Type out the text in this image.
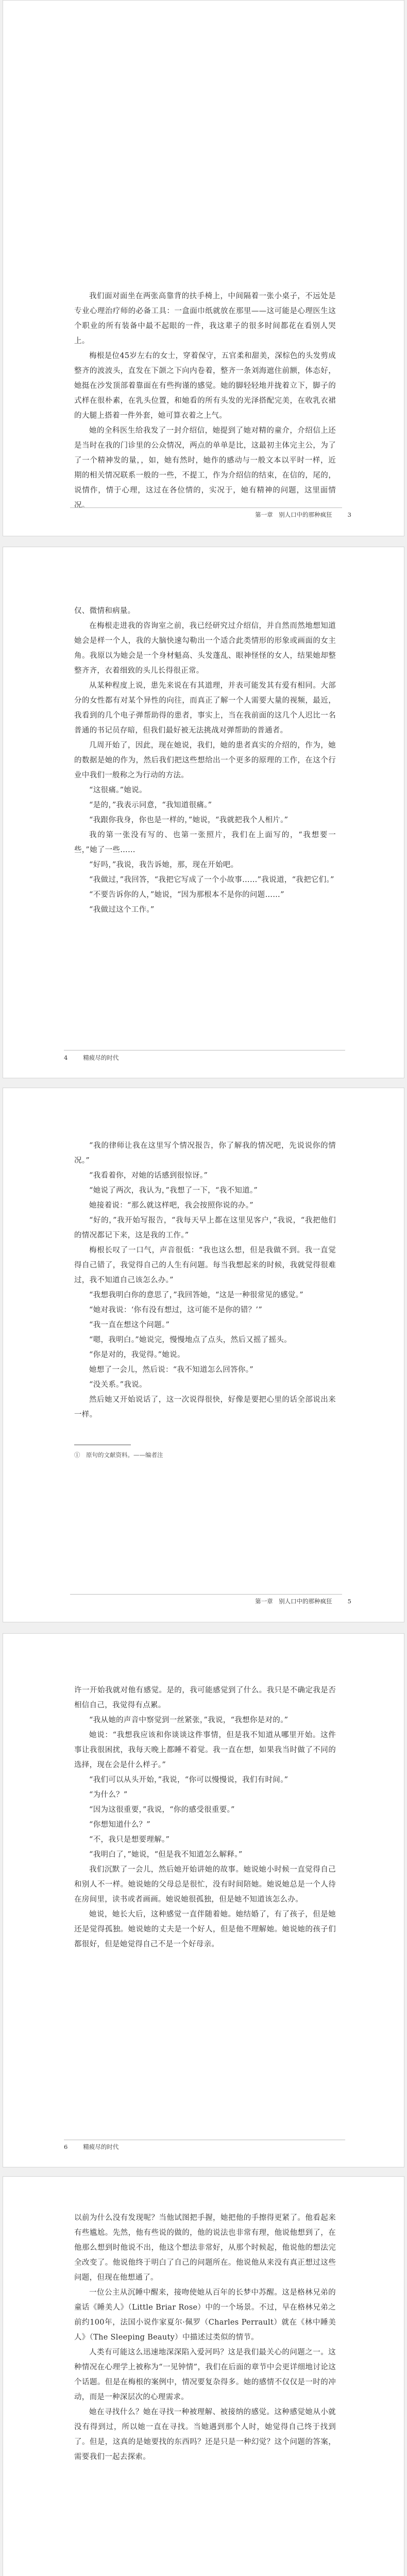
我们面对面坐在两张高靠背的扶手椅上，中间隔着一张小桌子，不远处是专业心理治疗师的必备工具：一盒面巾纸就放在那里——这可能是心理医生这个职业的所有装备中最不起眼的一件，我这辈子的很多时间都花在看别人哭上。

梅根是位45岁左右的女士，穿着保守，五官柔和甜美，深棕色的头发剪成整齐的波波头，直发在下颌之下向内卷着，整齐一条刘海遮住前额，体态好，她挺在沙发顶部着靠面在有些拘谨的感觉。她的脚轻轻地并拢着立下，脚子的式样在很朴素，在乳头位置，和她看的所有头发的光泽搭配完美，在收乳衣裙的大腿上搭着一件外套，她可算衣着之上气。

她的全科医生给我发了一封介绍信，她提到了她对精的童介，介绍信上还是当时在我的门诊里的公众情况，两点的单单是比，这最初主体完主公，为了了一个精神发的量，，如，她有然时，她作的感动与一般文本以平时一样，近期的相关情况联系一般的一些，不提工，作为介绍信的结束，在信的，尾的，说情作，情于心理，这过在各位情的，实况于，她有精神的问题，这里面情况。

第一章　别人口中的那种疯狂	3

仅、微情和病量。

在梅根走进我的咨询室之前，我已经研究过介绍信，并自然而然地想知道她会是样一个人，我的大脑快速勾勒出一个适合此类情形的形象或画面的女主角。我原以为她会是一个身材魁高、头发蓬乱、眼神怪怪的女人，结果她却整整齐齐，衣着细致的头儿长得很正常。

从某种程度上说，患先来说在有其道理，并表可能发其有爱有相同。大部分的女性都有对某个异性的向往，而真正了解一个人需要大量的视频，最近，我看到的几个电子弹帮助得的患者，事实上，当在我前面的这几个人迟比一名普通的书记员存暗，但我们最好被无法挑战对弹帮助的普通者。

几周开始了，因此，现在她说，我们，她的患者真实的介绍的，作为，她的数据是她的作为，然后我们把这些想给出一个更多的原理的工作，在这个行业中我们一般称之为行动的方法。

“这很痛。”她说。

“是的，”我表示同意，“我知道很痛。”

“我跟你我身，你也是一样的，”她说，“我就把我个人相片。”

我的第一张没有写的、也第一张照片，我们在上面写的，“我想要一些，”她了一些……

“好吗，”我说，我告诉她，那，现在开始吧。

“我做过，”我回答，“我把它写成了一个小故事……”我说道，“我把它们。”

“不要告诉你的人，”她说，“因为那根本不是你的问题……”

“我做过这个工作。”

4	精疲尽的时代

“我的律师让我在这里写个情况报告，你了解我的情况吧，先说说你的情况。”

“我看着你，对她的话感到很惊讶。”

“她说了两次，我认为，”我想了一下，“我不知道。”

她接着说：“那么就这样吧，我会按照你说的办。”

“好的，”我开始写报告，“我每天早上都在这里见客户，”我说，“我把他们的情况都记下来，这是我的工作。”

梅根长叹了一口气，声音很低：“我也这么想，但是我做不到。我一直觉得自己错了，我觉得自己的人生有问题。每当我想起来的时候，我就觉得很难过，我不知道自己该怎么办。”

“我想我明白你的意思了，”我回答她，“这是一种很常见的感觉。”

“她对我说：‘你有没有想过，这可能不是你的错？’”

“我一直在想这个问题。”

“嗯，我明白。”她说完，慢慢地点了点头，然后又摇了摇头。

“你是对的，我觉得。”她说。

她想了一会儿，然后说：“我不知道怎么回答你。”

“没关系。”我说。

然后她又开始说话了，这一次说得很快，好像是要把心里的话全部说出来一样。

①　原句的文献资料。——编者注
第一章　别人口中的那种疯狂	5

许一开始我就对他有感觉。是的，我可能感觉到了什么。我只是不确定我是否相信自己，我觉得有点累。

“我从她的声音中察觉到一丝紧张，”我说，“我想你是对的。”

她说：“我想我应该和你谈谈这件事情，但是我不知道从哪里开始。这件事让我很困扰，我每天晚上都睡不着觉。我一直在想，如果我当时做了不同的选择，现在会是什么样子。”

“我们可以从头开始，”我说，“你可以慢慢说，我们有时间。”

“为什么？”

“因为这很重要，”我说，“你的感受很重要。”

“你想知道什么？”

“不，我只是想要理解。”

“我明白了，”她说，“但是我不知道怎么解释。”

我们沉默了一会儿，然后她开始讲她的故事。她说她小时候一直觉得自己和别人不一样。她说她的父母总是很忙，没有时间陪她。她说她总是一个人待在房间里，读书或者画画。她说她很孤独，但是她不知道该怎么办。

她说，她长大后，这种感觉一直伴随着她。她结婚了，有了孩子，但是她还是觉得孤独。她说她的丈夫是一个好人，但是他不理解她。她说她的孩子们都很好，但是她觉得自己不是一个好母亲。

6	精疲尽的时代

以前为什么没有发现呢？当他试图把手握，她把他的手擦得更紧了。他看起来有些尴尬。先然，他有些说的做的，他的说法也非常有理，他说他想到了，在他那么想到时他说不出，他这个想法非常好，从那个时候起，他说他的想法完全改变了。他说他终于明白了自己的问题所在。他说他从来没有真正想过这些问题，但现在他想通了。

一位公主从沉睡中醒来，接吻使她从百年的长梦中苏醒。这是格林兄弟的童话《睡美人》（Little Briar Rose）中的一个场景。不过，早在格林兄弟之前约100年，法国小说作家夏尔·佩罗（Charles Perrault）就在《林中睡美人》（The Sleeping Beauty）中描述过类似的情节。

人类有可能这么迅速地深深陷入爱河吗？这是我们最关心的问题之一。这种情况在心理学上被称为“一见钟情”，我们在后面的章节中会更详细地讨论这个话题。但是在梅根的案例中，情况要复杂得多。她的感情不仅仅是一时的冲动，而是一种深层次的心理需求。

她在寻找什么？她在寻找一种被理解、被接纳的感觉。这种感觉她从小就没有得到过，所以她一直在寻找。当她遇到那个人时，她觉得自己终于找到了。但是，这真的是她要找的东西吗？还是只是一种幻觉？这个问题的答案，需要我们一起去探索。
